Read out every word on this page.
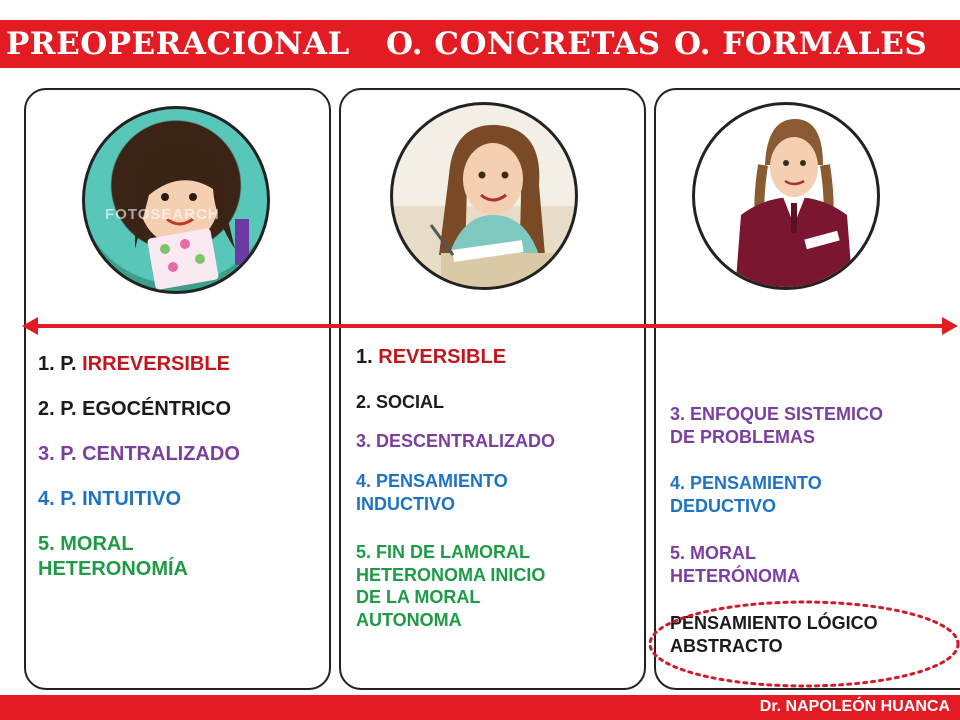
PREOPERACIONAL O. CONCRETAS O. FORMALES
FOTOSEARCH
1. P. IRREVERSIBLE
2. P. EGOCÉNTRICO
3. P. CENTRALIZADO
4. P. INTUITIVO
5. MORAL
HETERONOMÍA
1. REVERSIBLE
2. SOCIAL
3. DESCENTRALIZADO
4. PENSAMIENTO
INDUCTIVO
5. FIN DE LAMORAL
HETERONOMA INICIO
DE LA MORAL
AUTONOMA
3. ENFOQUE SISTEMICO
DE PROBLEMAS
4. PENSAMIENTO
DEDUCTIVO
5. MORAL
HETERÓNOMA
PENSAMIENTO LÓGICO
ABSTRACTO
Dr. NAPOLEÓN HUANCA
